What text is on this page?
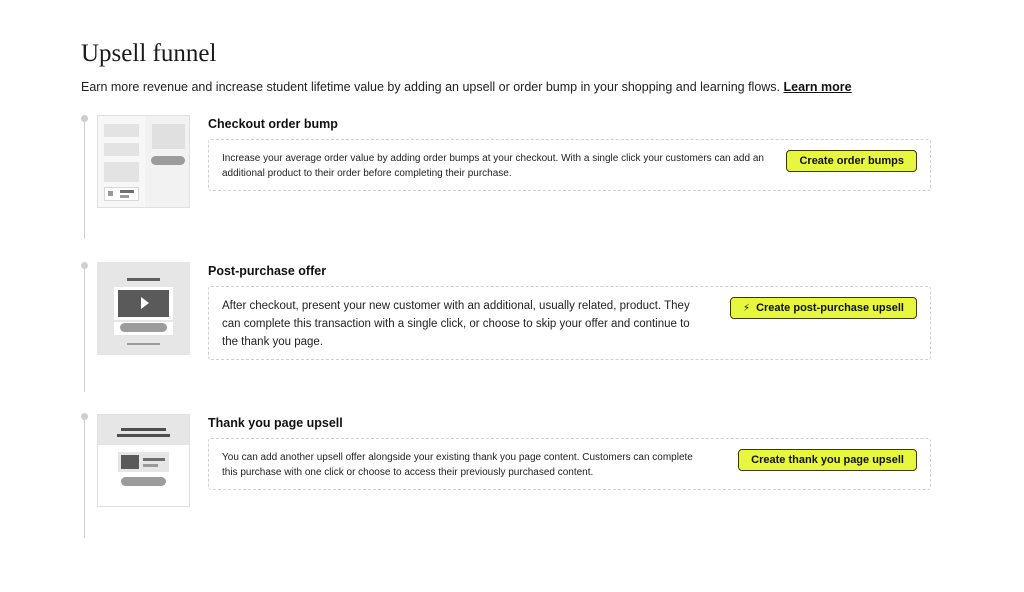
Upsell funnel
Earn more revenue and increase student lifetime value by adding an upsell or order bump in your shopping and learning flows. Learn more
Checkout order bump

Increase your average order value by adding order bumps at your checkout. With a single click your customers can add an additional product to their order before completing their purchase.

Create order bumps
Post-purchase offer

After checkout, present your new customer with an additional, usually related, product. They can complete this transaction with a single click, or choose to skip your offer and continue to the thank you page.

⚡ Create post-purchase upsell
Thank you page upsell

You can add another upsell offer alongside your existing thank you page content. Customers can complete this purchase with one click or choose to access their previously purchased content.

Create thank you page upsell
